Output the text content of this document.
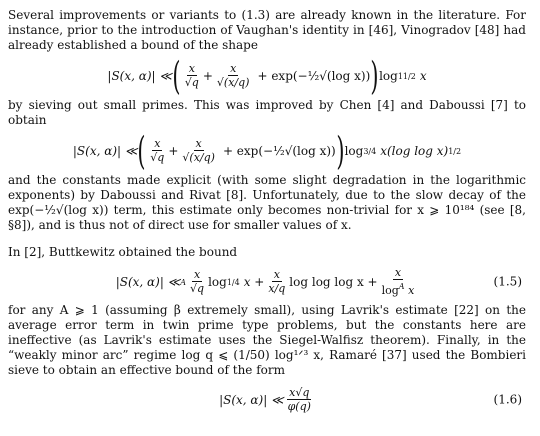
Several improvements or variants to (1.3) are already known in the literature. For instance, prior to the introduction of Vaughan's identity in [46], Vinogradov [48] had already established a bound of the shape

|S(x, α)| ≪ ( $\frac{x}{√q} + \frac{x}{√(x/q)}$ + exp(−½√(log x)) ) log 11/2 x

by sieving out small primes. This was improved by Chen [4] and Daboussi [7] to obtain

|S(x, α)| ≪ ( $\frac{x}{√q} + \frac{x}{√(x/q)}$ + exp(−½√(log x)) ) log 3/4 x(log log x) 1/2

and the constants made explicit (with some slight degradation in the logarithmic exponents) by Daboussi and Rivat [8]. Unfortunately, due to the slow decay of the exp(−½√(log x)) term, this estimate only becomes non-trivial for x ⩾ 10¹⁸⁴ (see [8, §8]), and is thus not of direct use for smaller values of x.

In [2], Buttkewitz obtained the bound

|S(x, α)| ≪ A $\frac{x}{√q}$ log 1/4 $x + \frac{x}{x/q}$ $\log \log \log x + \frac{x}{\log^A x}$	(1.5)

for any A ⩾ 1 (assuming β extremely small), using Lavrik's estimate [22] on the average error term in twin prime type problems, but the constants here are ineffective (as Lavrik's estimate uses the Siegel-Walfisz theorem). Finally, in the “weakly minor arc” regime log q ⩽ (1/50) log¹ᐟ³ x, Ramaré [37] used the Bombieri sieve to obtain an effective bound of the form

|S(x, α)| ≪ $\frac{x√q}{\varphi(q)}$	(1.6)
